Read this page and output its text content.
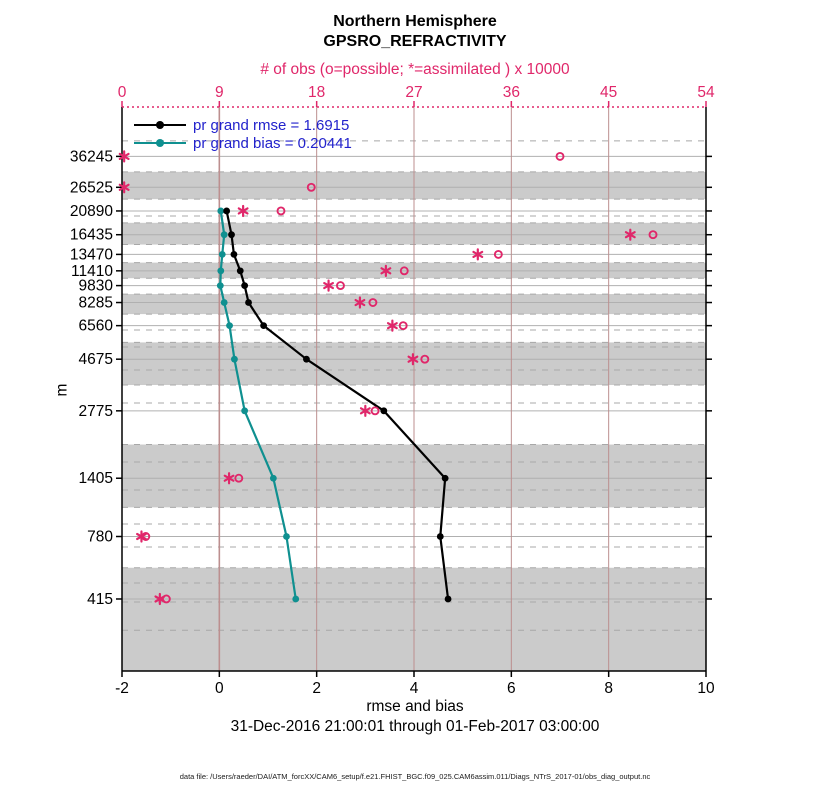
Northern Hemisphere
GPSRO_REFRACTIVITY
# of obs (o=possible; *=assimilated ) x 10000
36245
26525
20890
16435
13470
11410
9830
8285
6560
4675
2775
1405
780
415
-2	0	2	4	6	8	10
0	9	18	27	36	45	54
pr grand rmse = 1.6915
pr grand bias = 0.20441
m
rmse and bias
31-Dec-2016 21:00:01 through 01-Feb-2017 03:00:00
data file: /Users/raeder/DAI/ATM_forcXX/CAM6_setup/f.e21.FHIST_BGC.f09_025.CAM6assim.011/Diags_NTrS_2017-01/obs_diag_output.nc
